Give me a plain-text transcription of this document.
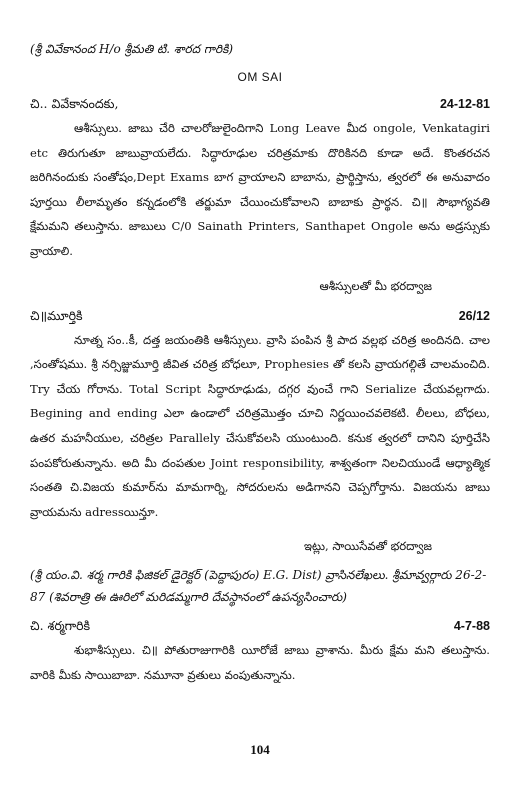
(శ్రీ వివేకానంద H/o శ్రీమతి టి. శారద గారికి)

OM SAI
చి.. వివేకానందకు,	24-12-81

ఆశీస్సులు. జాబు చేరి చాలరోజులైందిగాని Long Leave మీద ongole, Venkatagiri etc తిరుగుతూ జాబువ్రాయలేదు. సిద్ధారూఢుల చరిత్రమాకు దొరికినది కూడా అదే. కొంతరచన జరిగినందుకు సంతోషం,Dept Exams బాగ వ్రాయాలని బాబాను, ప్రార్థిస్తాను, త్వరలో ఈ అనువాదం పూర్తయి లీలామృతం కన్నడంలోకి తర్జుమా చేయించుకోవాలని బాబాకు ప్రార్థన. చి॥ సౌభాగ్యవతి క్షేమమని తలుస్తాను. జాబులు C/0 Sainath Printers, Santhapet Ongole అను అడ్రస్సుకు వ్రాయాలి.

ఆశీస్సులతో మీ భరద్వాజ
చి॥మూర్తికి	26/12

నూత్న సం..కీ, దత్త జయంతికి ఆశీస్సులు. వ్రాసి పంపిన శ్రీ పాద వల్లభ చరిత్ర అందినది. చాల ,సంతోషము. శ్రీ నర్సిజ్జుమూర్తి జీవిత చరిత్ర బోధలూ, Prophesies తో కలసి వ్రాయగల్గితే చాలమంచిది. Try చేయ గోరాను. Total Script సిద్ధారూఢుడు, దగ్గర వుంచే గాని Serialize చేయవల్లగాదు. Begining and ending ఎలా ఉండాలో చరిత్రమొత్తం చూచి నిర్ణయించవలెకటి. లీలలు, బోధలు, ఉతర మహనీయుల, చరిత్రల Parallely చేసుకోవలసి యుంటుంది. కనుక త్వరలో దానిని పూర్తిచేసి పంపకోరుతున్నాను. అది మీ దంపతుల Joint responsibility, శాశ్వతంగా నిలచియుండే ఆధ్యాత్మిక సంతతి చి.విజయ కుమార్‌ను మామగార్ని, సోదరులను అడిగానని చెప్పగోర్తాను. విజయను జాబు వ్రాయమను adressయిన్తూ.

ఇట్లు, సాయిసేవతో భరద్వాజ

(శ్రీ యం.వి. శర్మ గారికి ఫిజికల్ డైరెక్టర్ (పెద్దాపురం) E.G. Dist) వ్రాసినలేఖలు. శ్రీమావ్వర్గారు 26-2-87 (శివరాత్రి ఈ ఊరిలో మరిడమ్మగారి దేవస్థానంలో ఉపన్యసించారు)

చి. శర్మగారికి	4-7-88

శుభాశీస్సులు. చి॥ పోతురాజుగారికి యీరోజే జాబు వ్రాశాను. మీరు క్షేమ మని తలుస్తాను. వారికి మీకు సాయిబాబా. నమూనా వ్రతులు వంపుతున్నాను.

104
